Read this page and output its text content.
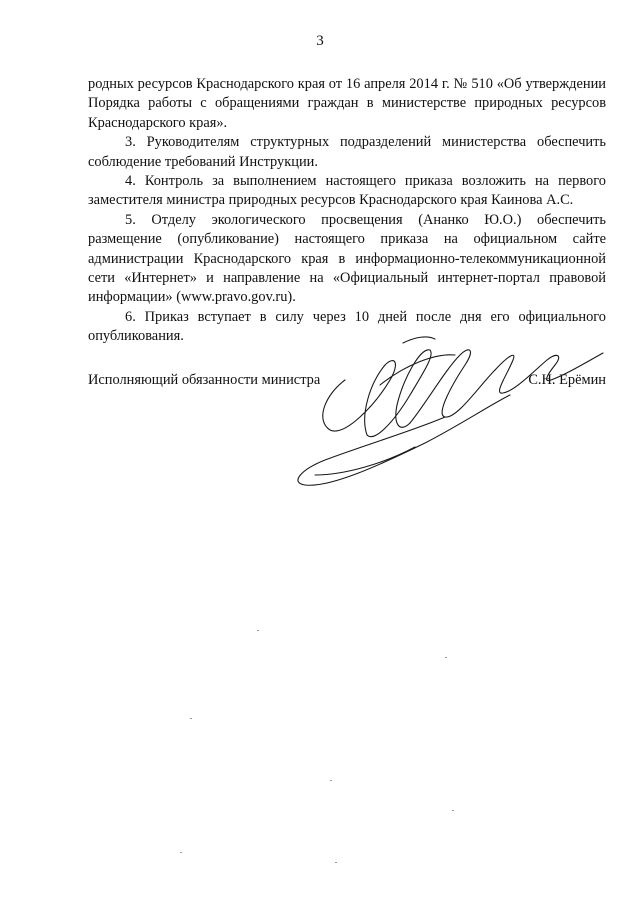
3

родных ресурсов Краснодарского края от 16 апреля 2014 г. № 510 «Об утверждении Порядка работы с обращениями граждан в министерстве природных ресурсов Краснодарского края».

3. Руководителям структурных подразделений министерства обеспечить соблюдение требований Инструкции.

4. Контроль за выполнением настоящего приказа возложить на первого заместителя министра природных ресурсов Краснодарского края Каинова А.С.

5. Отделу экологического просвещения (Ананко Ю.О.) обеспечить размещение (опубликование) настоящего приказа на официальном сайте администрации Краснодарского края в информационно-телекоммуникационной сети «Интернет» и направление на «Официальный интернет-портал правовой информации» (www.pravo.gov.ru).

6. Приказ вступает в силу через 10 дней после дня его официального опубликования.

Исполняющий обязанности министра	С.Н. Ерёмин
